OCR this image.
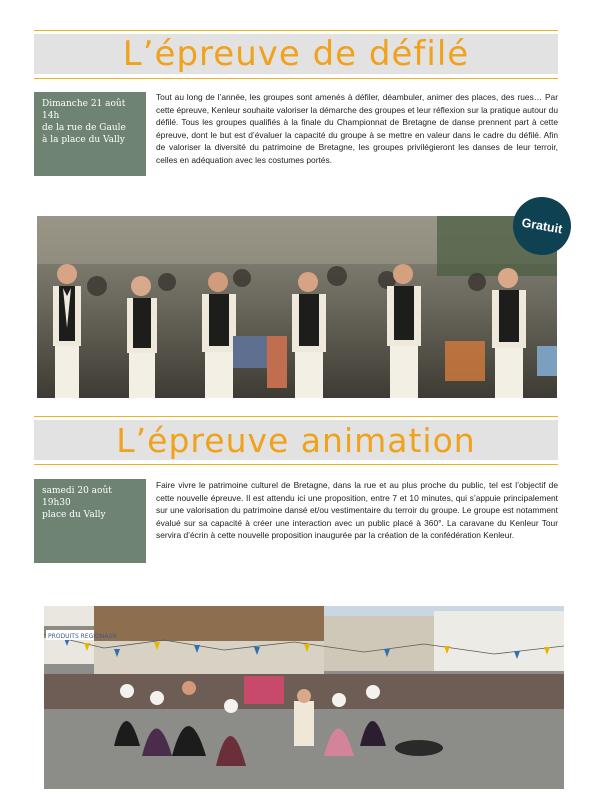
L’épreuve de défilé
Dimanche 21 août
14h
de la rue de Gaule
à la place du Vally
Tout au long de l’année, les groupes sont amenés à défiler, déambuler, animer des places, des rues… Par cette épreuve, Kenleur souhaite valoriser la démarche des groupes et leur réflexion sur la pratique autour du défilé. Tous les groupes qualifiés à la finale du Championnat de Bretagne de danse prennent part à cette épreuve, dont le but est d’évaluer la capacité du groupe à se mettre en valeur dans le cadre du défilé. Afin de valoriser la diversité du patrimoine de Bretagne, les groupes privilégieront les danses de leur terroir, celles en adéquation avec les costumes portés.
Gratuit
L’épreuve animation
samedi 20 août
19h30
place du Vally
Faire vivre le patrimoine culturel de Bretagne, dans la rue et au plus proche du public, tel est l’objectif de cette nouvelle épreuve. Il est attendu ici une proposition, entre 7 et 10 minutes, qui s’appuie principalement sur une valorisation du patrimoine dansé et/ou vestimentaire du terroir du groupe. Le groupe est notamment évalué sur sa capacité à créer une interaction avec un public placé à 360°. La caravane du Kenleur Tour servira d’écrin à cette nouvelle proposition inaugurée par la création de la confédération Kenleur.
PRODUITS REGIONAUX
